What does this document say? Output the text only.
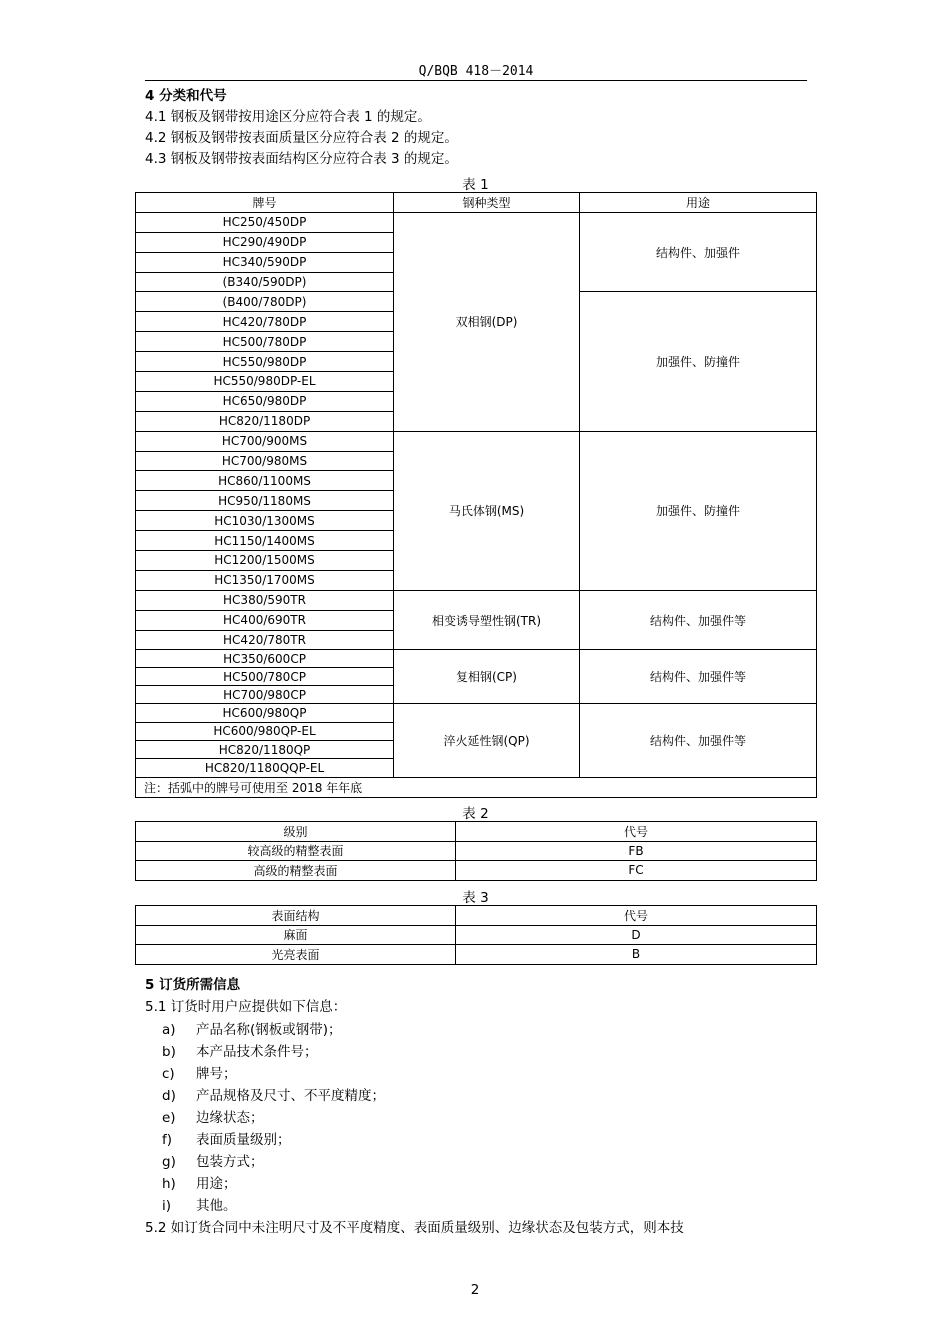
Q/BQB 418－2014
4 分类和代号
4.1 钢板及钢带按用途区分应符合表 1 的规定。
4.2 钢板及钢带按表面质量区分应符合表 2 的规定。
4.3 钢板及钢带按表面结构区分应符合表 3 的规定。
表 1
牌号	钢种类型	用途
HC250/450DP	双相钢(DP)	结构件、加强件
HC290/490DP		
HC340/590DP		
(B340/590DP)		
(B400/780DP)		加强件、防撞件
HC420/780DP		
HC500/780DP		
HC550/980DP		
HC550/980DP-EL		
HC650/980DP		
HC820/1180DP		
HC700/900MS	马氏体钢(MS)	加强件、防撞件
HC700/980MS		
HC860/1100MS		
HC950/1180MS		
HC1030/1300MS		
HC1150/1400MS		
HC1200/1500MS		
HC1350/1700MS		
HC380/590TR	相变诱导塑性钢(TR)	结构件、加强件等
HC400/690TR		
HC420/780TR		
HC350/600CP	复相钢(CP)	结构件、加强件等
HC500/780CP		
HC700/980CP		
HC600/980QP	淬火延性钢(QP)	结构件、加强件等
HC600/980QP-EL		
HC820/1180QP		
HC820/1180QQP-EL		
注：括弧中的牌号可使用至 2018 年年底		
表 2
级别	代号
较高级的精整表面	FB
高级的精整表面	FC
表 3
表面结构	代号
麻面	D
光亮表面	B
5 订货所需信息
5.1 订货时用户应提供如下信息：
a) 产品名称(钢板或钢带)；
b) 本产品技术条件号；
c) 牌号；
d) 产品规格及尺寸、不平度精度；
e) 边缘状态；
f) 表面质量级别；
g) 包装方式；
h) 用途；
i) 其他。
5.2 如订货合同中未注明尺寸及不平度精度、表面质量级别、边缘状态及包装方式，则本技
2
